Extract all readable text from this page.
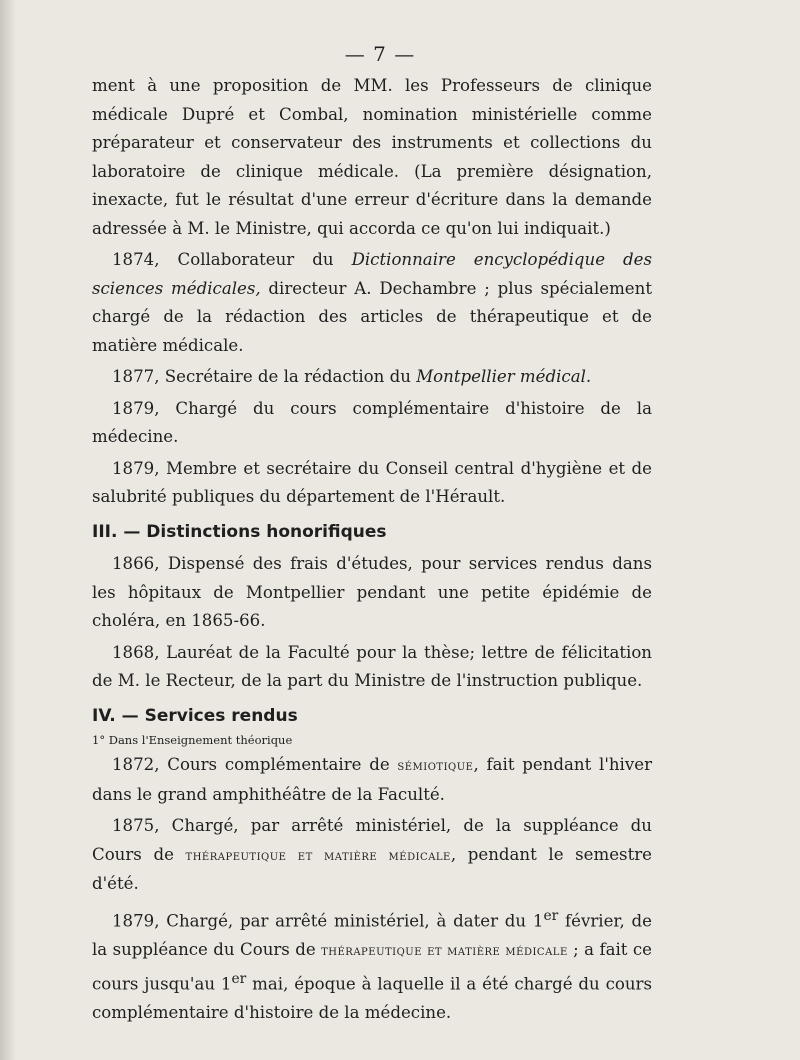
— 7 —

ment à une proposition de MM. les Professeurs de clinique médicale Dupré et Combal, nomination ministérielle comme préparateur et conservateur des instruments et collections du laboratoire de clinique médicale. (La première désignation, inexacte, fut le résultat d'une erreur d'écriture dans la demande adressée à M. le Ministre, qui accorda ce qu'on lui indiquait.)

1874, Collaborateur du Dictionnaire encyclopédique des sciences médicales, directeur A. Dechambre ; plus spécialement chargé de la rédaction des articles de thérapeutique et de matière médicale.

1877, Secrétaire de la rédaction du Montpellier médical.

1879, Chargé du cours complémentaire d'histoire de la médecine.

1879, Membre et secrétaire du Conseil central d'hygiène et de salubrité publiques du département de l'Hérault.

III. — Distinctions honorifiques

1866, Dispensé des frais d'études, pour services rendus dans les hôpitaux de Montpellier pendant une petite épidémie de choléra, en 1865-66.

1868, Lauréat de la Faculté pour la thèse; lettre de félicitation de M. le Recteur, de la part du Ministre de l'instruction publique.

IV. — Services rendus

1° Dans l'Enseignement théorique

1872, Cours complémentaire de sémiotique, fait pendant l'hiver dans le grand amphithéâtre de la Faculté.

1875, Chargé, par arrêté ministériel, de la suppléance du Cours de thérapeutique et matière médicale, pendant le semestre d'été.

1879, Chargé, par arrêté ministériel, à dater du 1er février, de la suppléance du Cours de thérapeutique et matière médicale ; a fait ce cours jusqu'au 1er mai, époque à laquelle il a été chargé du cours complémentaire d'histoire de la médecine.
